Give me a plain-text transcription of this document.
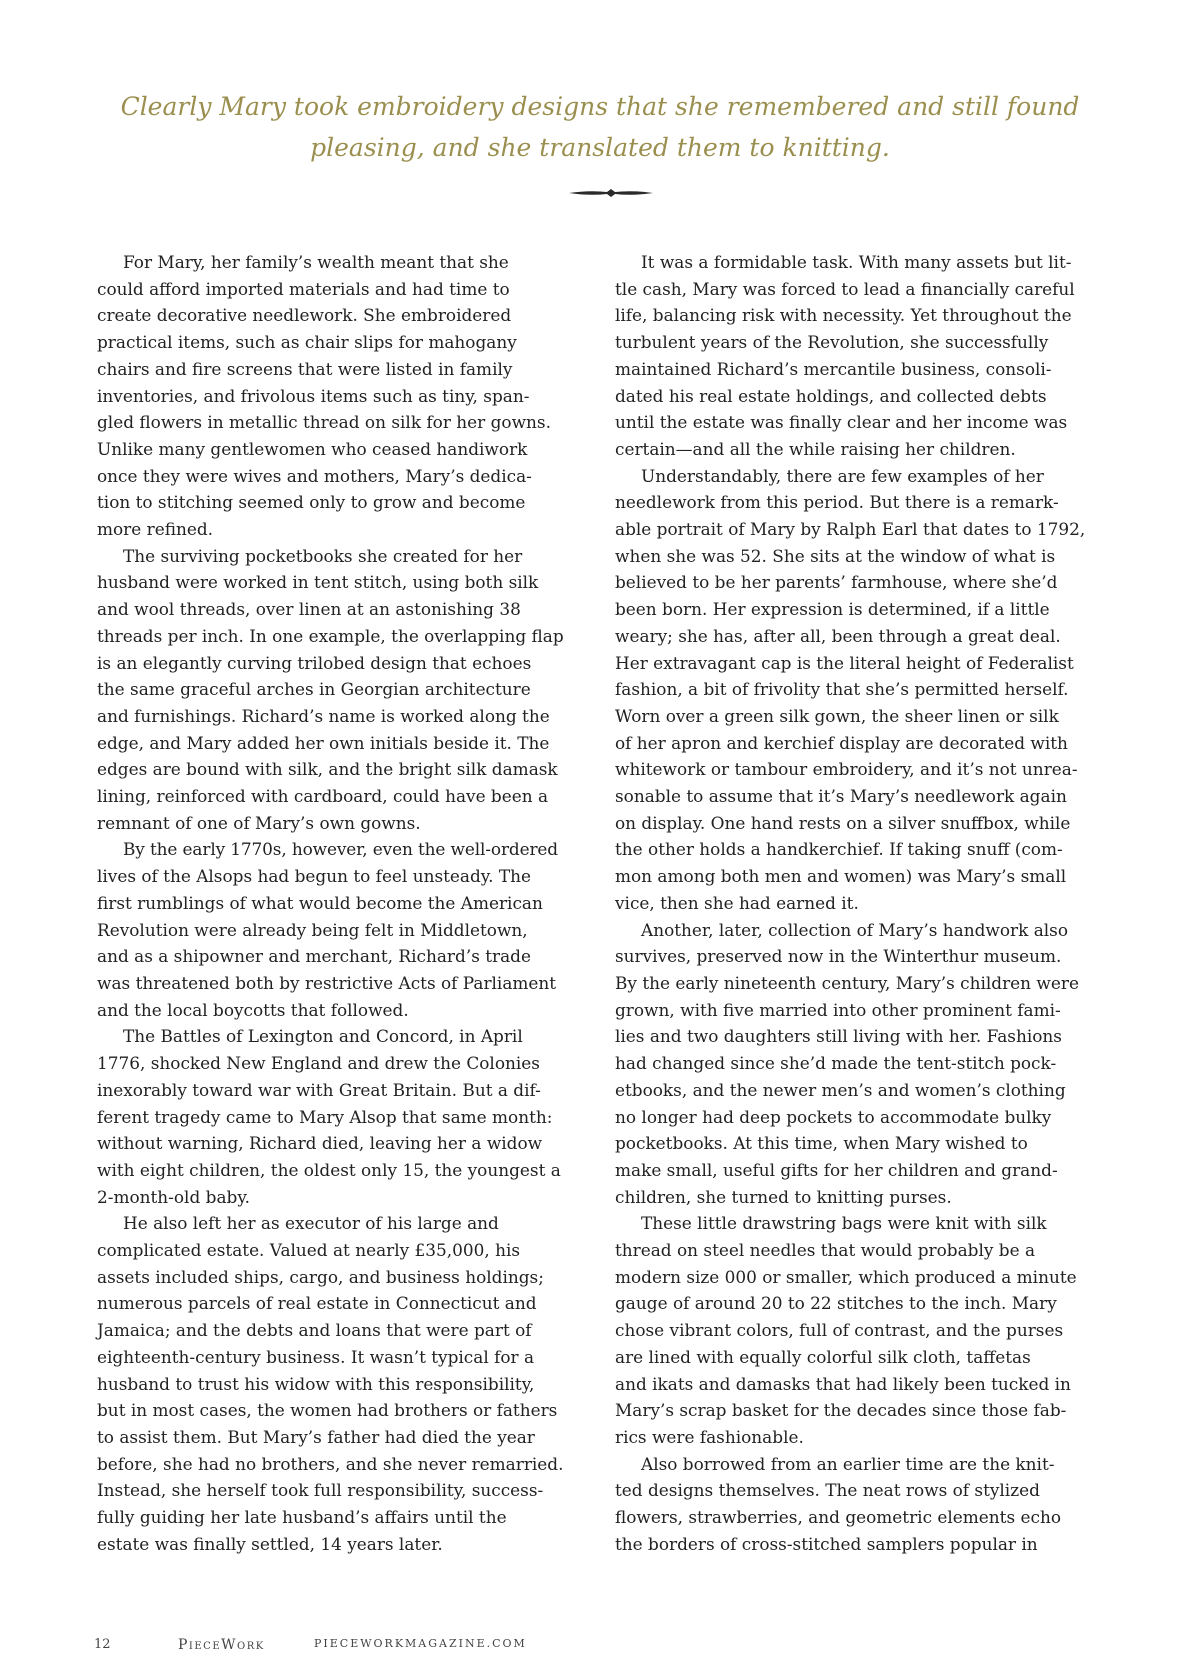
Clearly Mary took embroidery designs that she remembered and still found

pleasing, and she translated them to knitting.

For Mary, her family’s wealth meant that she
could afford imported materials and had time to
create decorative needlework. She embroidered
practical items, such as chair slips for mahogany
chairs and fire screens that were listed in family
inventories, and frivolous items such as tiny, span-
gled flowers in metallic thread on silk for her gowns.
Unlike many gentlewomen who ceased handiwork
once they were wives and mothers, Mary’s dedica-
tion to stitching seemed only to grow and become
more refined.

The surviving pocketbooks she created for her
husband were worked in tent stitch, using both silk
and wool threads, over linen at an astonishing 38
threads per inch. In one example, the overlapping flap
is an elegantly curving trilobed design that echoes
the same graceful arches in Georgian architecture
and furnishings. Richard’s name is worked along the
edge, and Mary added her own initials beside it. The
edges are bound with silk, and the bright silk damask
lining, reinforced with cardboard, could have been a
remnant of one of Mary’s own gowns.

By the early 1770s, however, even the well-ordered
lives of the Alsops had begun to feel unsteady. The
first rumblings of what would become the American
Revolution were already being felt in Middletown,
and as a shipowner and merchant, Richard’s trade
was threatened both by restrictive Acts of Parliament
and the local boycotts that followed.

The Battles of Lexington and Concord, in April
1776, shocked New England and drew the Colonies
inexorably toward war with Great Britain. But a dif-
ferent tragedy came to Mary Alsop that same month:
without warning, Richard died, leaving her a widow
with eight children, the oldest only 15, the youngest a
2-month-old baby.

He also left her as executor of his large and
complicated estate. Valued at nearly £35,000, his
assets included ships, cargo, and business holdings;
numerous parcels of real estate in Connecticut and
Jamaica; and the debts and loans that were part of
eighteenth-century business. It wasn’t typical for a
husband to trust his widow with this responsibility,
but in most cases, the women had brothers or fathers
to assist them. But Mary’s father had died the year
before, she had no brothers, and she never remarried.
Instead, she herself took full responsibility, success-
fully guiding her late husband’s affairs until the
estate was finally settled, 14 years later.

It was a formidable task. With many assets but lit-
tle cash, Mary was forced to lead a financially careful
life, balancing risk with necessity. Yet throughout the
turbulent years of the Revolution, she successfully
maintained Richard’s mercantile business, consoli-
dated his real estate holdings, and collected debts
until the estate was finally clear and her income was
certain—and all the while raising her children.

Understandably, there are few examples of her
needlework from this period. But there is a remark-
able portrait of Mary by Ralph Earl that dates to 1792,
when she was 52. She sits at the window of what is
believed to be her parents’ farmhouse, where she’d
been born. Her expression is determined, if a little
weary; she has, after all, been through a great deal.
Her extravagant cap is the literal height of Federalist
fashion, a bit of frivolity that she’s permitted herself.
Worn over a green silk gown, the sheer linen or silk
of her apron and kerchief display are decorated with
whitework or tambour embroidery, and it’s not unrea-
sonable to assume that it’s Mary’s needlework again
on display. One hand rests on a silver snuffbox, while
the other holds a handkerchief. If taking snuff (com-
mon among both men and women) was Mary’s small
vice, then she had earned it.

Another, later, collection of Mary’s handwork also
survives, preserved now in the Winterthur museum.
By the early nineteenth century, Mary’s children were
grown, with five married into other prominent fami-
lies and two daughters still living with her. Fashions
had changed since she’d made the tent-stitch pock-
etbooks, and the newer men’s and women’s clothing
no longer had deep pockets to accommodate bulky
pocketbooks. At this time, when Mary wished to
make small, useful gifts for her children and grand-
children, she turned to knitting purses.

These little drawstring bags were knit with silk
thread on steel needles that would probably be a
modern size 000 or smaller, which produced a minute
gauge of around 20 to 22 stitches to the inch. Mary
chose vibrant colors, full of contrast, and the purses
are lined with equally colorful silk cloth, taffetas
and ikats and damasks that had likely been tucked in
Mary’s scrap basket for the decades since those fab-
rics were fashionable.

Also borrowed from an earlier time are the knit-
ted designs themselves. The neat rows of stylized
flowers, strawberries, and geometric elements echo
the borders of cross-stitched samplers popular in

12	PieceWork	PIECEWORKMAGAZINE.COM
